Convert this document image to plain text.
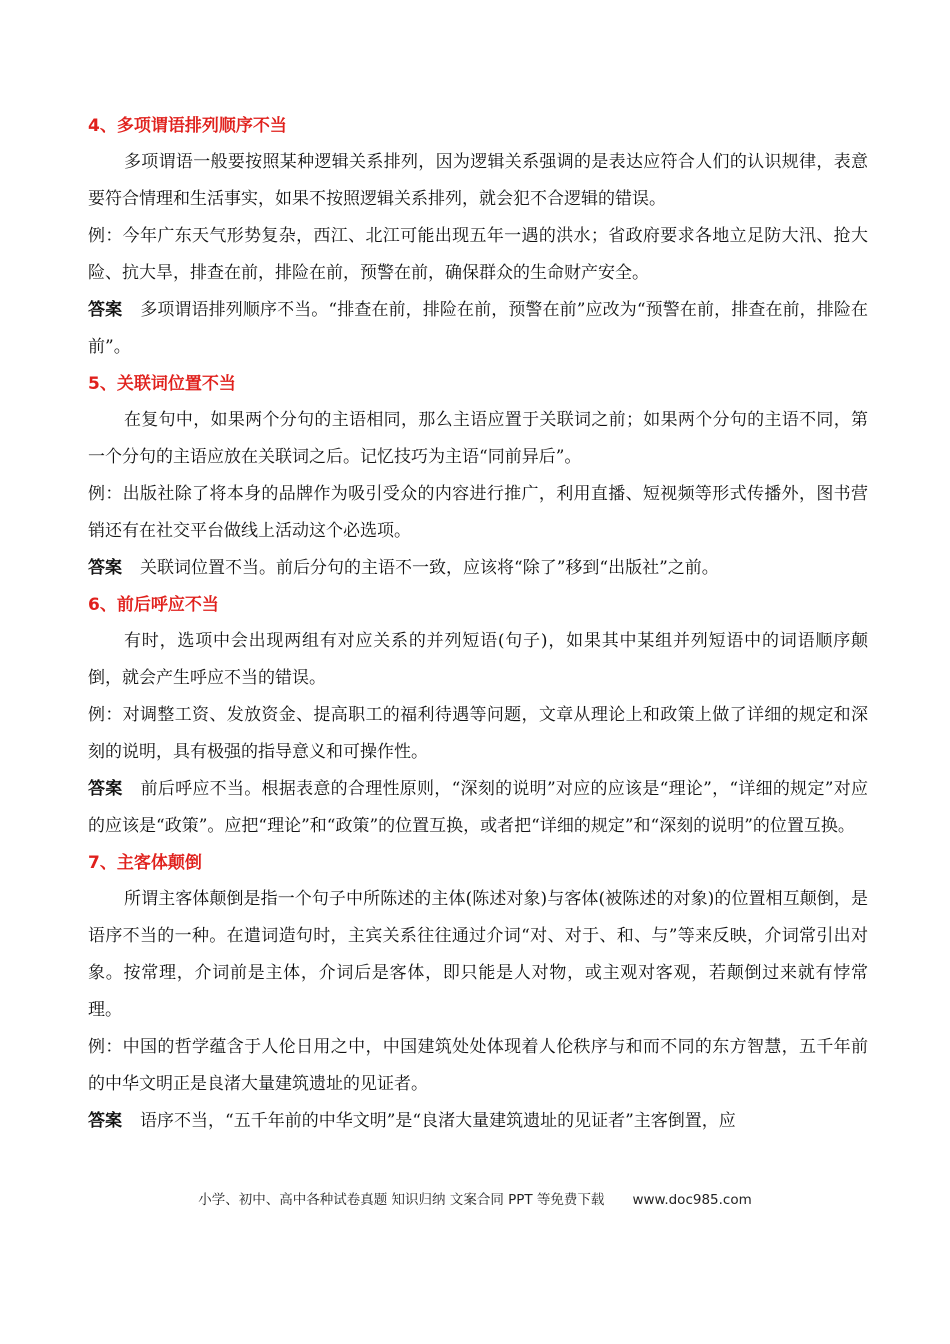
4、多项谓语排列顺序不当

多项谓语一般要按照某种逻辑关系排列，因为逻辑关系强调的是表达应符合人们的认识规律，表意要符合情理和生活事实，如果不按照逻辑关系排列，就会犯不合逻辑的错误。

例：今年广东天气形势复杂，西江、北江可能出现五年一遇的洪水；省政府要求各地立足防大汛、抢大险、抗大旱，排查在前，排险在前，预警在前，确保群众的生命财产安全。

答案 多项谓语排列顺序不当。“排查在前，排险在前，预警在前”应改为“预警在前，排查在前，排险在前”。

5、关联词位置不当

在复句中，如果两个分句的主语相同，那么主语应置于关联词之前；如果两个分句的主语不同，第一个分句的主语应放在关联词之后。记忆技巧为主语“同前异后”。

例：出版社除了将本身的品牌作为吸引受众的内容进行推广，利用直播、短视频等形式传播外，图书营销还有在社交平台做线上活动这个必选项。

答案 关联词位置不当。前后分句的主语不一致，应该将“除了”移到“出版社”之前。

6、前后呼应不当

有时，选项中会出现两组有对应关系的并列短语(句子)，如果其中某组并列短语中的词语顺序颠倒，就会产生呼应不当的错误。

例：对调整工资、发放资金、提高职工的福利待遇等问题，文章从理论上和政策上做了详细的规定和深刻的说明，具有极强的指导意义和可操作性。

答案 前后呼应不当。根据表意的合理性原则，“深刻的说明”对应的应该是“理论”，“详细的规定”对应的应该是“政策”。应把“理论”和“政策”的位置互换，或者把“详细的规定”和“深刻的说明”的位置互换。

7、主客体颠倒

所谓主客体颠倒是指一个句子中所陈述的主体(陈述对象)与客体(被陈述的对象)的位置相互颠倒，是语序不当的一种。在遣词造句时，主宾关系往往通过介词“对、对于、和、与”等来反映，介词常引出对象。按常理，介词前是主体，介词后是客体，即只能是人对物，或主观对客观，若颠倒过来就有悖常理。

例：中国的哲学蕴含于人伦日用之中，中国建筑处处体现着人伦秩序与和而不同的东方智慧，五千年前的中华文明正是良渚大量建筑遗址的见证者。

答案 语序不当，“五千年前的中华文明”是“良渚大量建筑遗址的见证者”主客倒置，应

小学、初中、高中各种试卷真题 知识归纳 文案合同 PPT 等免费下载 www.doc985.com
